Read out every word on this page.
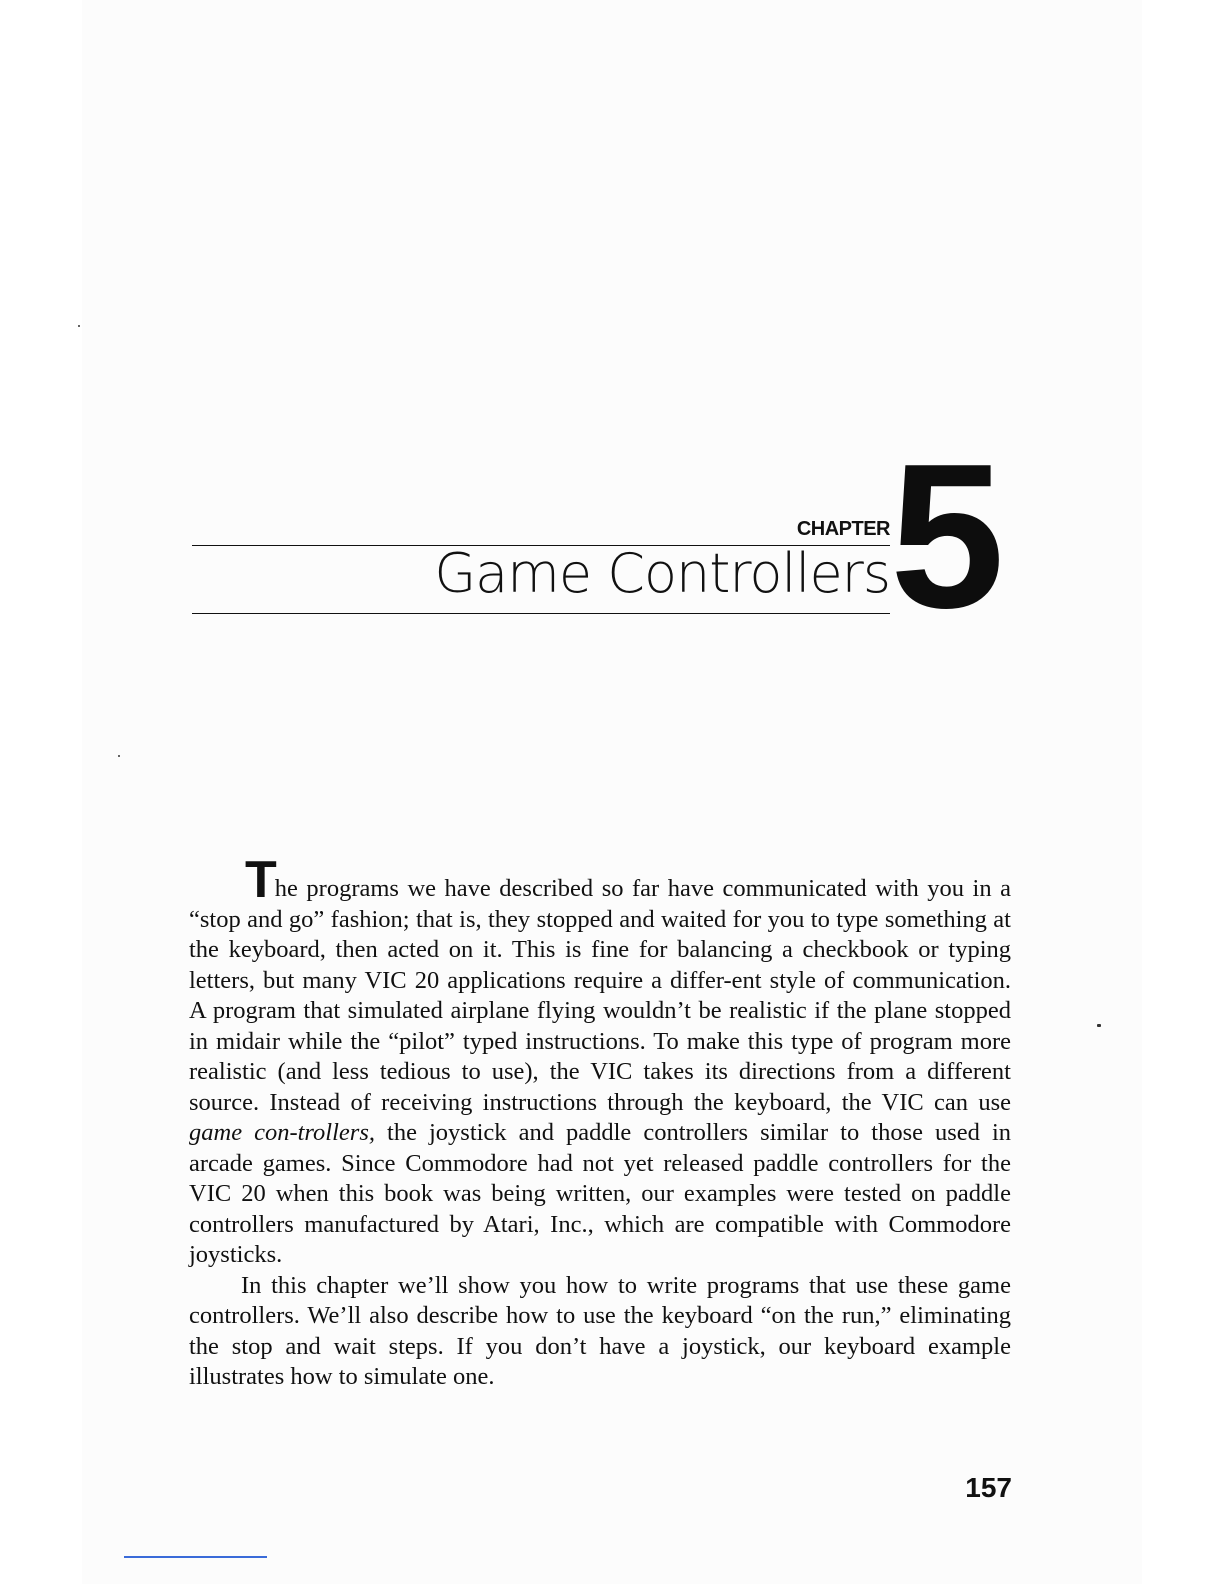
CHAPTER
Game Controllers 5

The programs we have described so far have communicated with you in a “stop and go” fashion; that is, they stopped and waited for you to type something at the keyboard, then acted on it. This is fine for balancing a checkbook or typing letters, but many VIC 20 applications require a differ-ent style of communication. A program that simulated airplane flying wouldn’t be realistic if the plane stopped in midair while the “pilot” typed instructions. To make this type of program more realistic (and less tedious to use), the VIC takes its directions from a different source. Instead of receiving instructions through the keyboard, the VIC can use game con-trollers, the joystick and paddle controllers similar to those used in arcade games. Since Commodore had not yet released paddle controllers for the VIC 20 when this book was being written, our examples were tested on paddle controllers manufactured by Atari, Inc., which are compatible with Commodore joysticks.

In this chapter we’ll show you how to write programs that use these game controllers. We’ll also describe how to use the keyboard “on the run,” eliminating the stop and wait steps. If you don’t have a joystick, our keyboard example illustrates how to simulate one.

157
